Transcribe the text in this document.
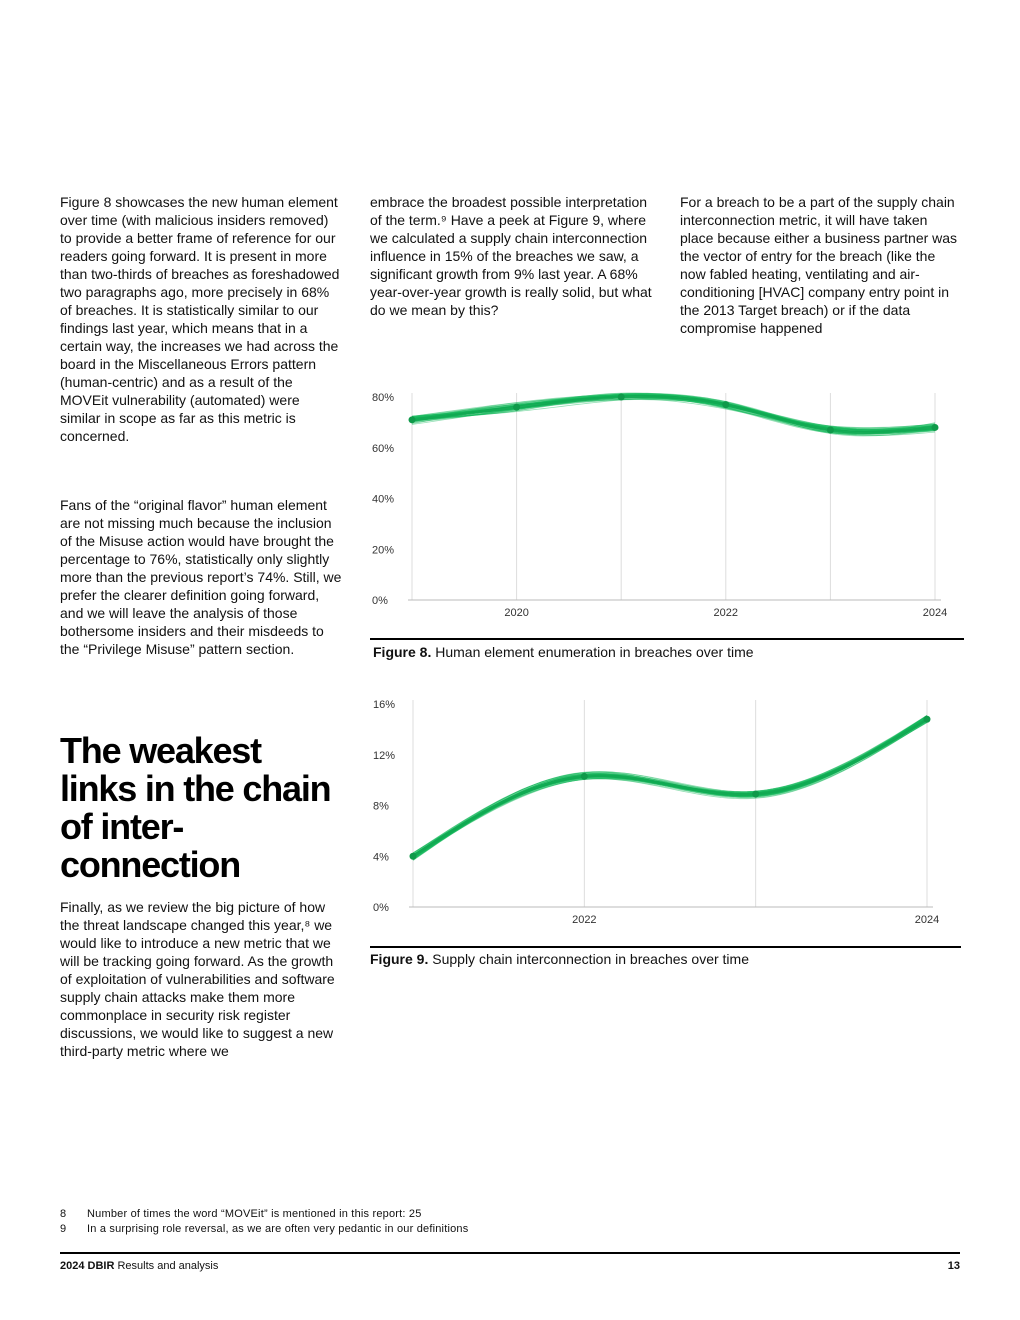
Figure 8 showcases the new human element over time (with malicious insiders removed) to provide a better frame of reference for our readers going forward. It is present in more than two-thirds of breaches as foreshadowed two paragraphs ago, more precisely in 68% of breaches. It is statistically similar to our findings last year, which means that in a certain way, the increases we had across the board in the Miscellaneous Errors pattern (human-centric) and as a result of the MOVEit vulnerability (automated) were similar in scope as far as this metric is concerned.

Fans of the “original flavor” human element are not missing much because the inclusion of the Misuse action would have brought the percentage to 76%, statistically only slightly more than the previous report’s 74%. Still, we prefer the clearer definition going forward, and we will leave the analysis of those bothersome insiders and their misdeeds to the “Privilege Misuse” pattern section.

The weakest links in the chain of inter-connection

Finally, as we review the big picture of how the threat landscape changed this year,⁸ we would like to introduce a new metric that we will be tracking going forward. As the growth of exploitation of vulnerabilities and software supply chain attacks make them more commonplace in security risk register discussions, we would like to suggest a new third-party metric where we

embrace the broadest possible interpretation of the term.⁹ Have a peek at Figure 9, where we calculated a supply chain interconnection influence in 15% of the breaches we saw, a significant growth from 9% last year. A 68% year-over-year growth is really solid, but what do we mean by this?

For a breach to be a part of the supply chain interconnection metric, it will have taken place because either a business partner was the vector of entry for the breach (like the now fabled heating, ventilating and air-conditioning [HVAC] company entry point in the 2013 Target breach) or if the data compromise happened

0%
20%
40%
60%
80%
2020	2022	2024

Figure 8. Human element enumeration in breaches over time

0%
4%
8%
12%
16%
2022	2024

Figure 9. Supply chain interconnection in breaches over time

8	Number of times the word “MOVEit” is mentioned in this report: 25
9	In a surprising role reversal, as we are often very pedantic in our definitions
2024 DBIR Results and analysis	13
